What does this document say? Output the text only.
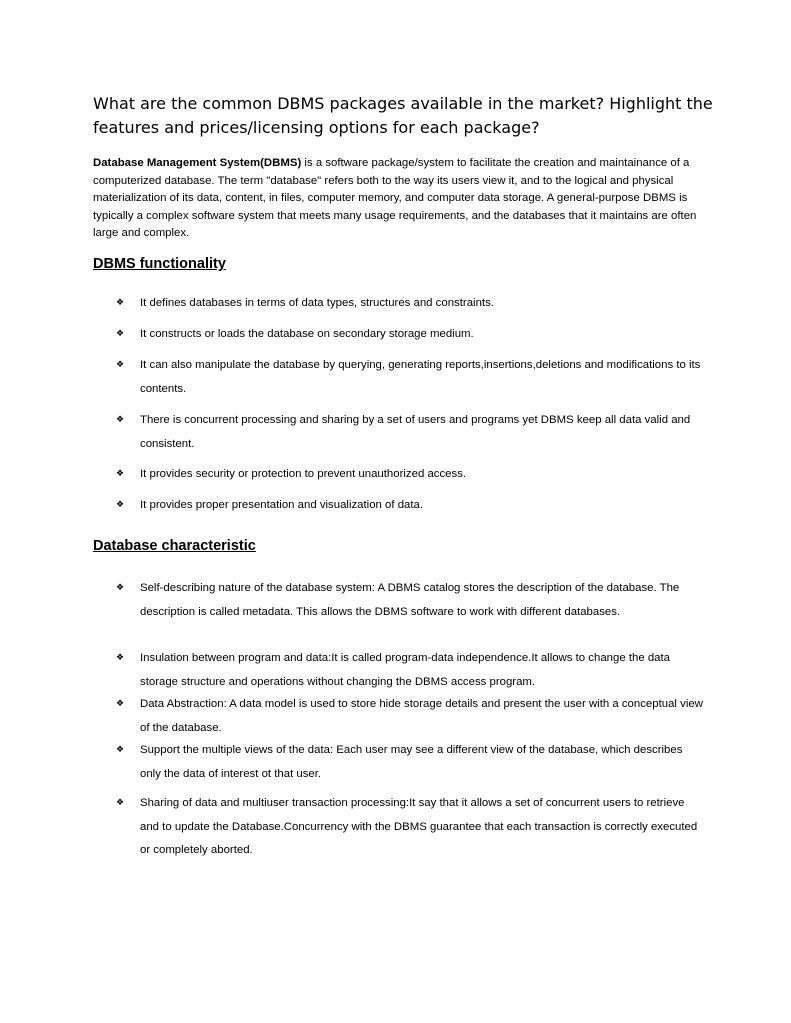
What are the common DBMS packages available in the market? Highlight the features and prices/licensing options for each package?

Database Management System(DBMS) is a software package/system to facilitate the creation and maintainance of a computerized database. The term "database" refers both to the way its users view it, and to the logical and physical materialization of its data, content, in files, computer memory, and computer data storage. A general-purpose DBMS is typically a complex software system that meets many usage requirements, and the databases that it maintains are often large and complex.

DBMS functionality
❖ It defines databases in terms of data types, structures and constraints.
❖ It constructs or loads the database on secondary storage medium.
❖ It can also manipulate the database by querying, generating reports,insertions,deletions and modifications to its contents.
❖ There is concurrent processing and sharing by a set of users and programs yet DBMS keep all data valid and consistent.
❖ It provides security or protection to prevent unauthorized access.
❖ It provides proper presentation and visualization of data.
Database characteristic
❖ Self-describing nature of the database system: A DBMS catalog stores the description of the database. The description is called metadata. This allows the DBMS software to work with different databases.
❖ Insulation between program and data:It is called program-data independence.It allows to change the data storage structure and operations without changing the DBMS access program.
❖ Data Abstraction: A data model is used to store hide storage details and present the user with a conceptual view of the database.
❖ Support the multiple views of the data: Each user may see a different view of the database, which describes only the data of interest ot that user.
❖ Sharing of data and multiuser transaction processing:It say that it allows a set of concurrent users to retrieve and to update the Database.Concurrency with the DBMS guarantee that each transaction is correctly executed or completely aborted.
